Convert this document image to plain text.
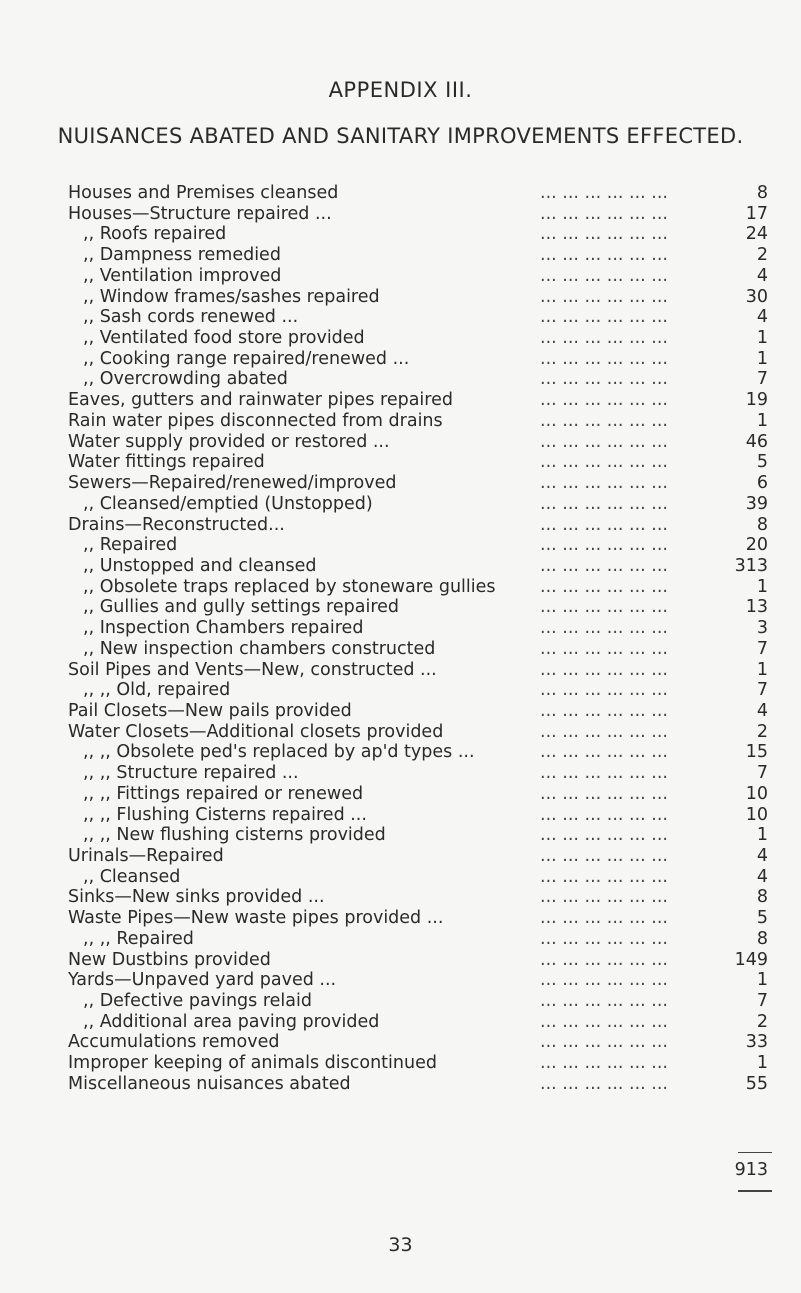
APPENDIX III.
NUISANCES ABATED AND SANITARY IMPROVEMENTS EFFECTED.
Houses and Premises cleansed	... ... ... ... ... ...	8
Houses—Structure repaired ...	... ... ... ... ... ...	17
,, Roofs repaired	... ... ... ... ... ...	24
,, Dampness remedied	... ... ... ... ... ...	2
,, Ventilation improved	... ... ... ... ... ...	4
,, Window frames/sashes repaired	... ... ... ... ... ...	30
,, Sash cords renewed ...	... ... ... ... ... ...	4
,, Ventilated food store provided	... ... ... ... ... ...	1
,, Cooking range repaired/renewed ...	... ... ... ... ... ...	1
,, Overcrowding abated	... ... ... ... ... ...	7
Eaves, gutters and rainwater pipes repaired	... ... ... ... ... ...	19
Rain water pipes disconnected from drains	... ... ... ... ... ...	1
Water supply provided or restored ...	... ... ... ... ... ...	46
Water fittings repaired	... ... ... ... ... ...	5
Sewers—Repaired/renewed/improved	... ... ... ... ... ...	6
,, Cleansed/emptied (Unstopped)	... ... ... ... ... ...	39
Drains—Reconstructed...	... ... ... ... ... ...	8
,, Repaired	... ... ... ... ... ...	20
,, Unstopped and cleansed	... ... ... ... ... ...	313
,, Obsolete traps replaced by stoneware gullies	... ... ... ... ... ...	1
,, Gullies and gully settings repaired	... ... ... ... ... ...	13
,, Inspection Chambers repaired	... ... ... ... ... ...	3
,, New inspection chambers constructed	... ... ... ... ... ...	7
Soil Pipes and Vents—New, constructed ...	... ... ... ... ... ...	1
,, ,, Old, repaired	... ... ... ... ... ...	7
Pail Closets—New pails provided	... ... ... ... ... ...	4
Water Closets—Additional closets provided	... ... ... ... ... ...	2
,, ,, Obsolete ped's replaced by ap'd types ...	... ... ... ... ... ...	15
,, ,, Structure repaired ...	... ... ... ... ... ...	7
,, ,, Fittings repaired or renewed	... ... ... ... ... ...	10
,, ,, Flushing Cisterns repaired ...	... ... ... ... ... ...	10
,, ,, New flushing cisterns provided	... ... ... ... ... ...	1
Urinals—Repaired	... ... ... ... ... ...	4
,, Cleansed	... ... ... ... ... ...	4
Sinks—New sinks provided ...	... ... ... ... ... ...	8
Waste Pipes—New waste pipes provided ...	... ... ... ... ... ...	5
,, ,, Repaired	... ... ... ... ... ...	8
New Dustbins provided	... ... ... ... ... ...	149
Yards—Unpaved yard paved ...	... ... ... ... ... ...	1
,, Defective pavings relaid	... ... ... ... ... ...	7
,, Additional area paving provided	... ... ... ... ... ...	2
Accumulations removed	... ... ... ... ... ...	33
Improper keeping of animals discontinued	... ... ... ... ... ...	1
Miscellaneous nuisances abated	... ... ... ... ... ...	55
913
33
